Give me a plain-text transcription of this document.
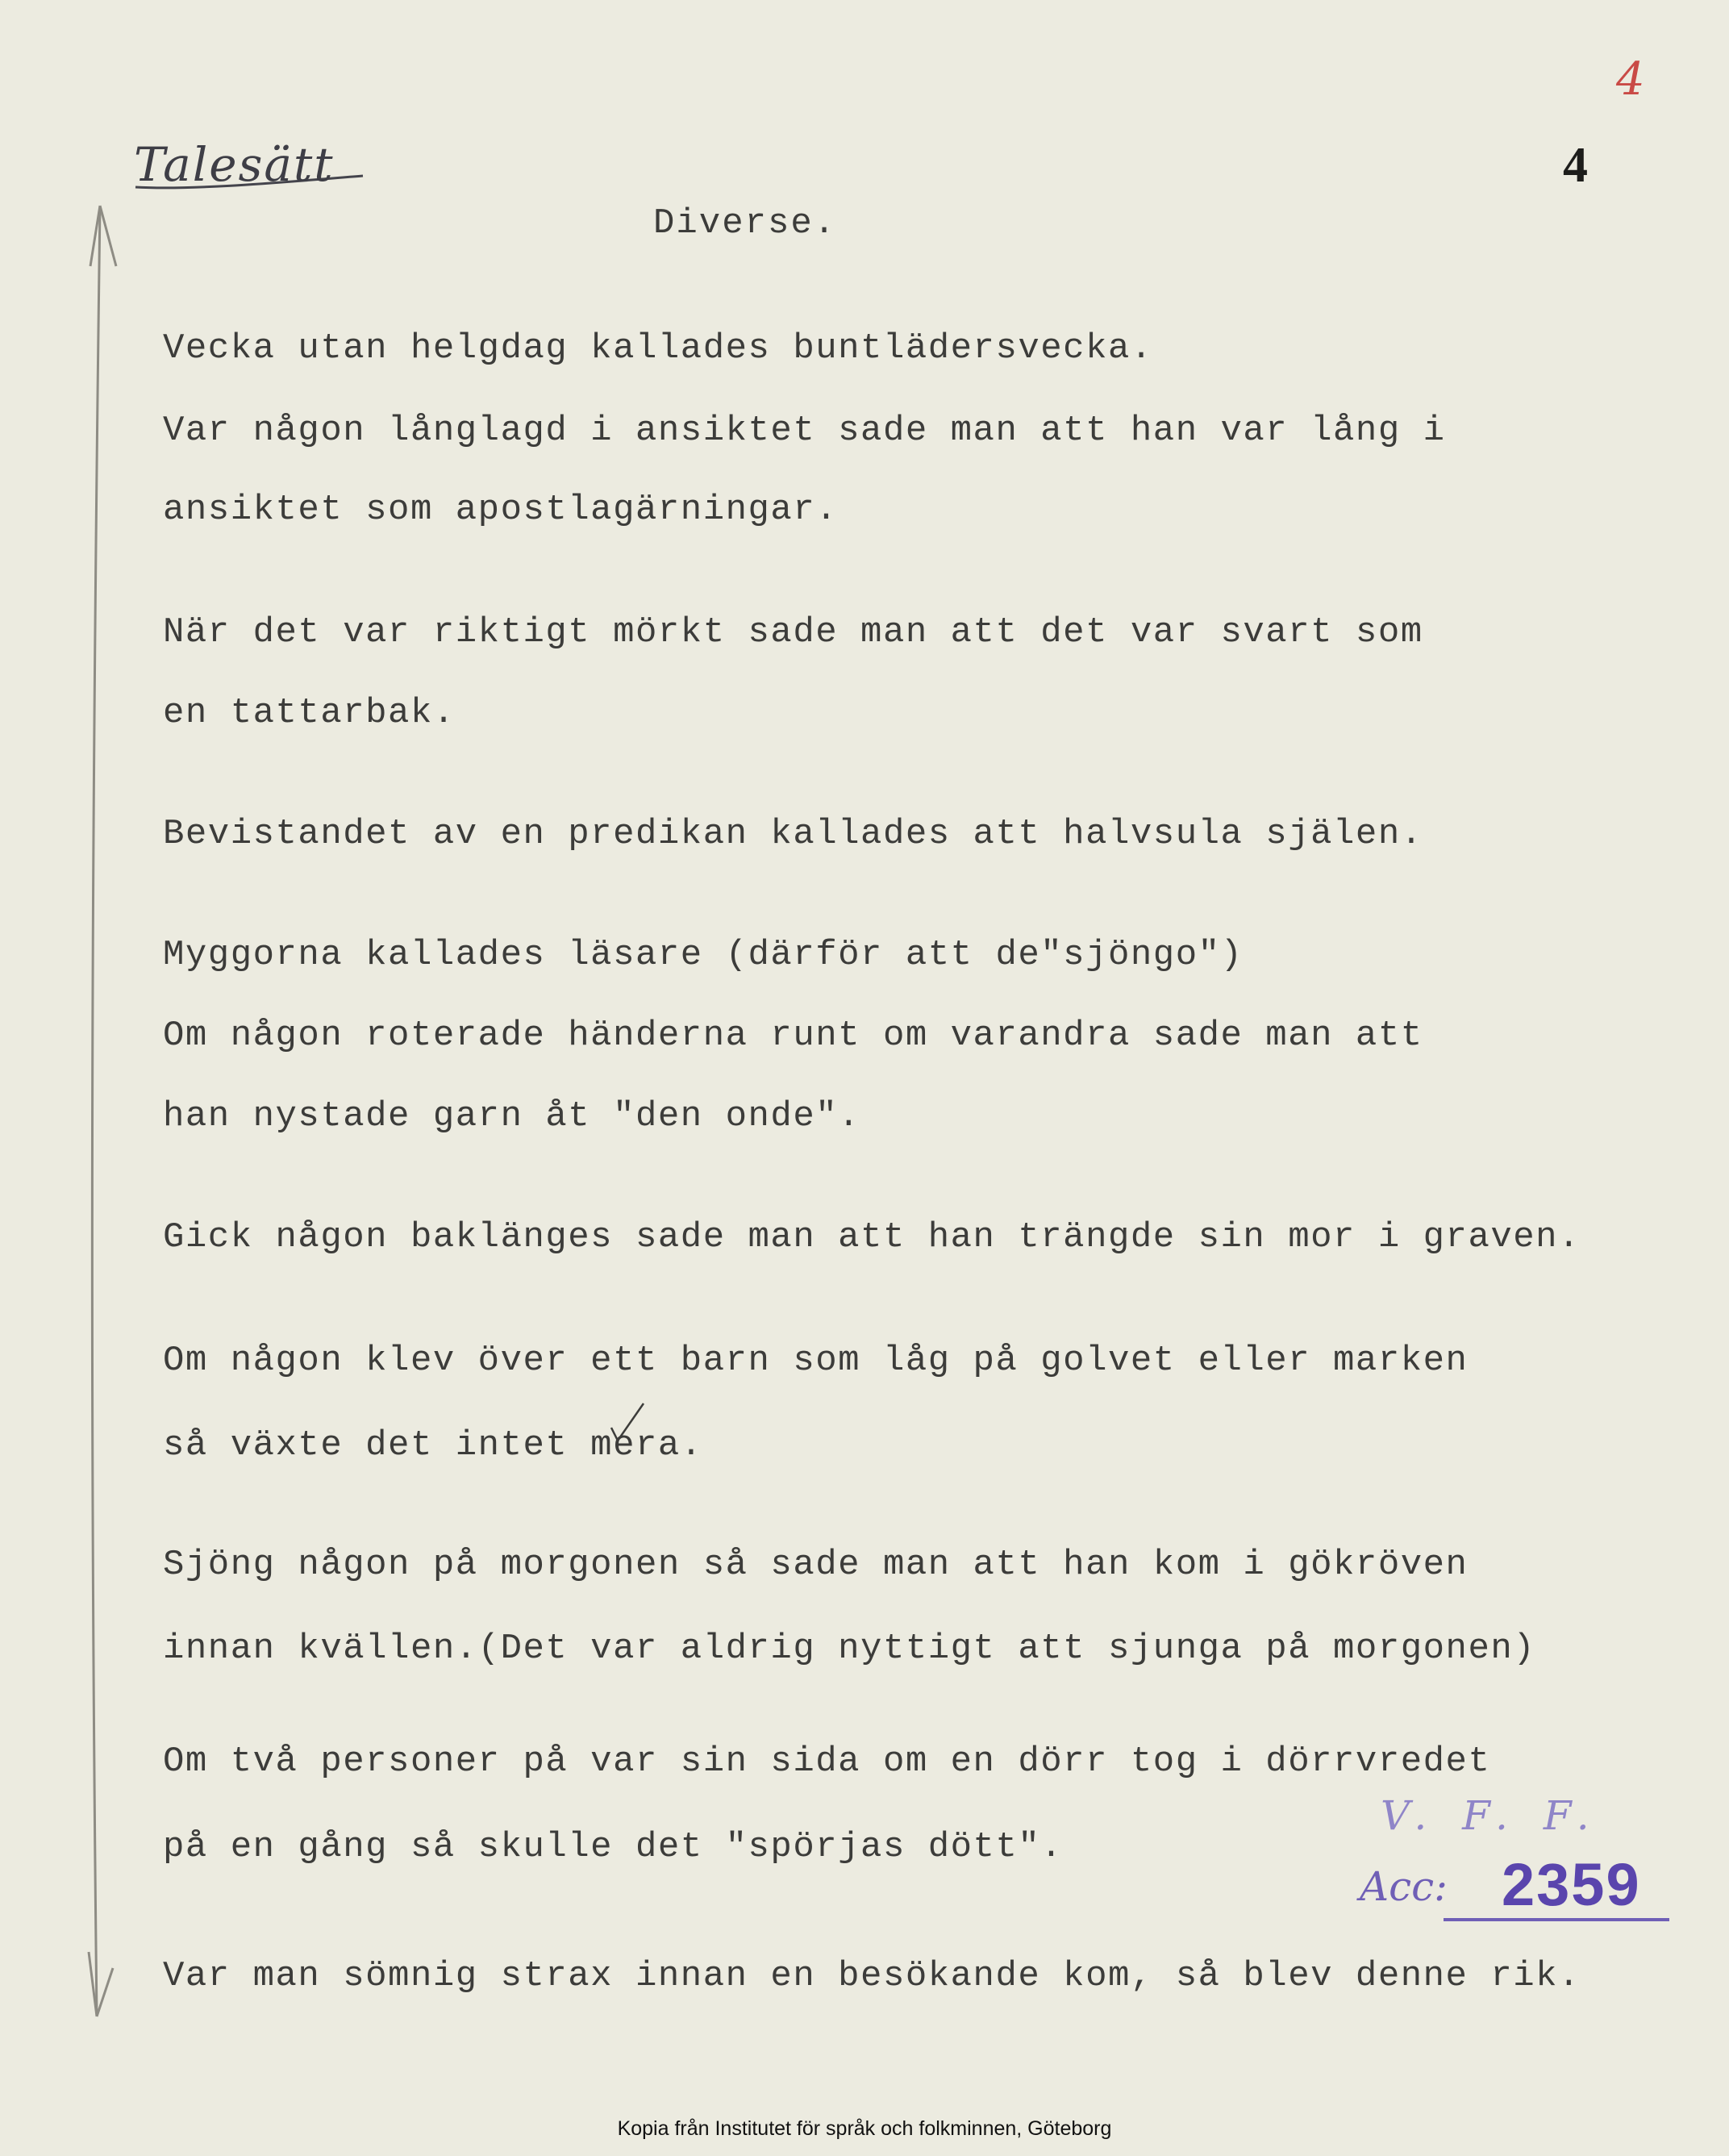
Talesätt
4
4
Diverse.
Vecka utan helgdag kallades buntlädersvecka.
Var någon långlagd i ansiktet sade man att han var lång i
ansiktet som apostlagärningar.
När det var riktigt mörkt sade man att det var svart som
en tattarbak.
Bevistandet av en predikan kallades att halvsula själen.
Myggorna kallades läsare (därför att de"sjöngo")
Om någon roterade händerna runt om varandra sade man att
han nystade garn åt "den onde".
Gick någon baklänges sade man att han trängde sin mor i graven.
Om någon klev över ett barn som låg på golvet eller marken
så växte det intet mera.
Sjöng någon på morgonen så sade man att han kom i gökröven
innan kvällen.(Det var aldrig nyttigt att sjunga på morgonen)
Om två personer på var sin sida om en dörr tog i dörrvredet
på en gång så skulle det "spörjas dött".
Var man sömnig strax innan en besökande kom, så blev denne rik.
V. F. F.
Acc: 2359
Kopia från Institutet för språk och folkminnen, Göteborg
